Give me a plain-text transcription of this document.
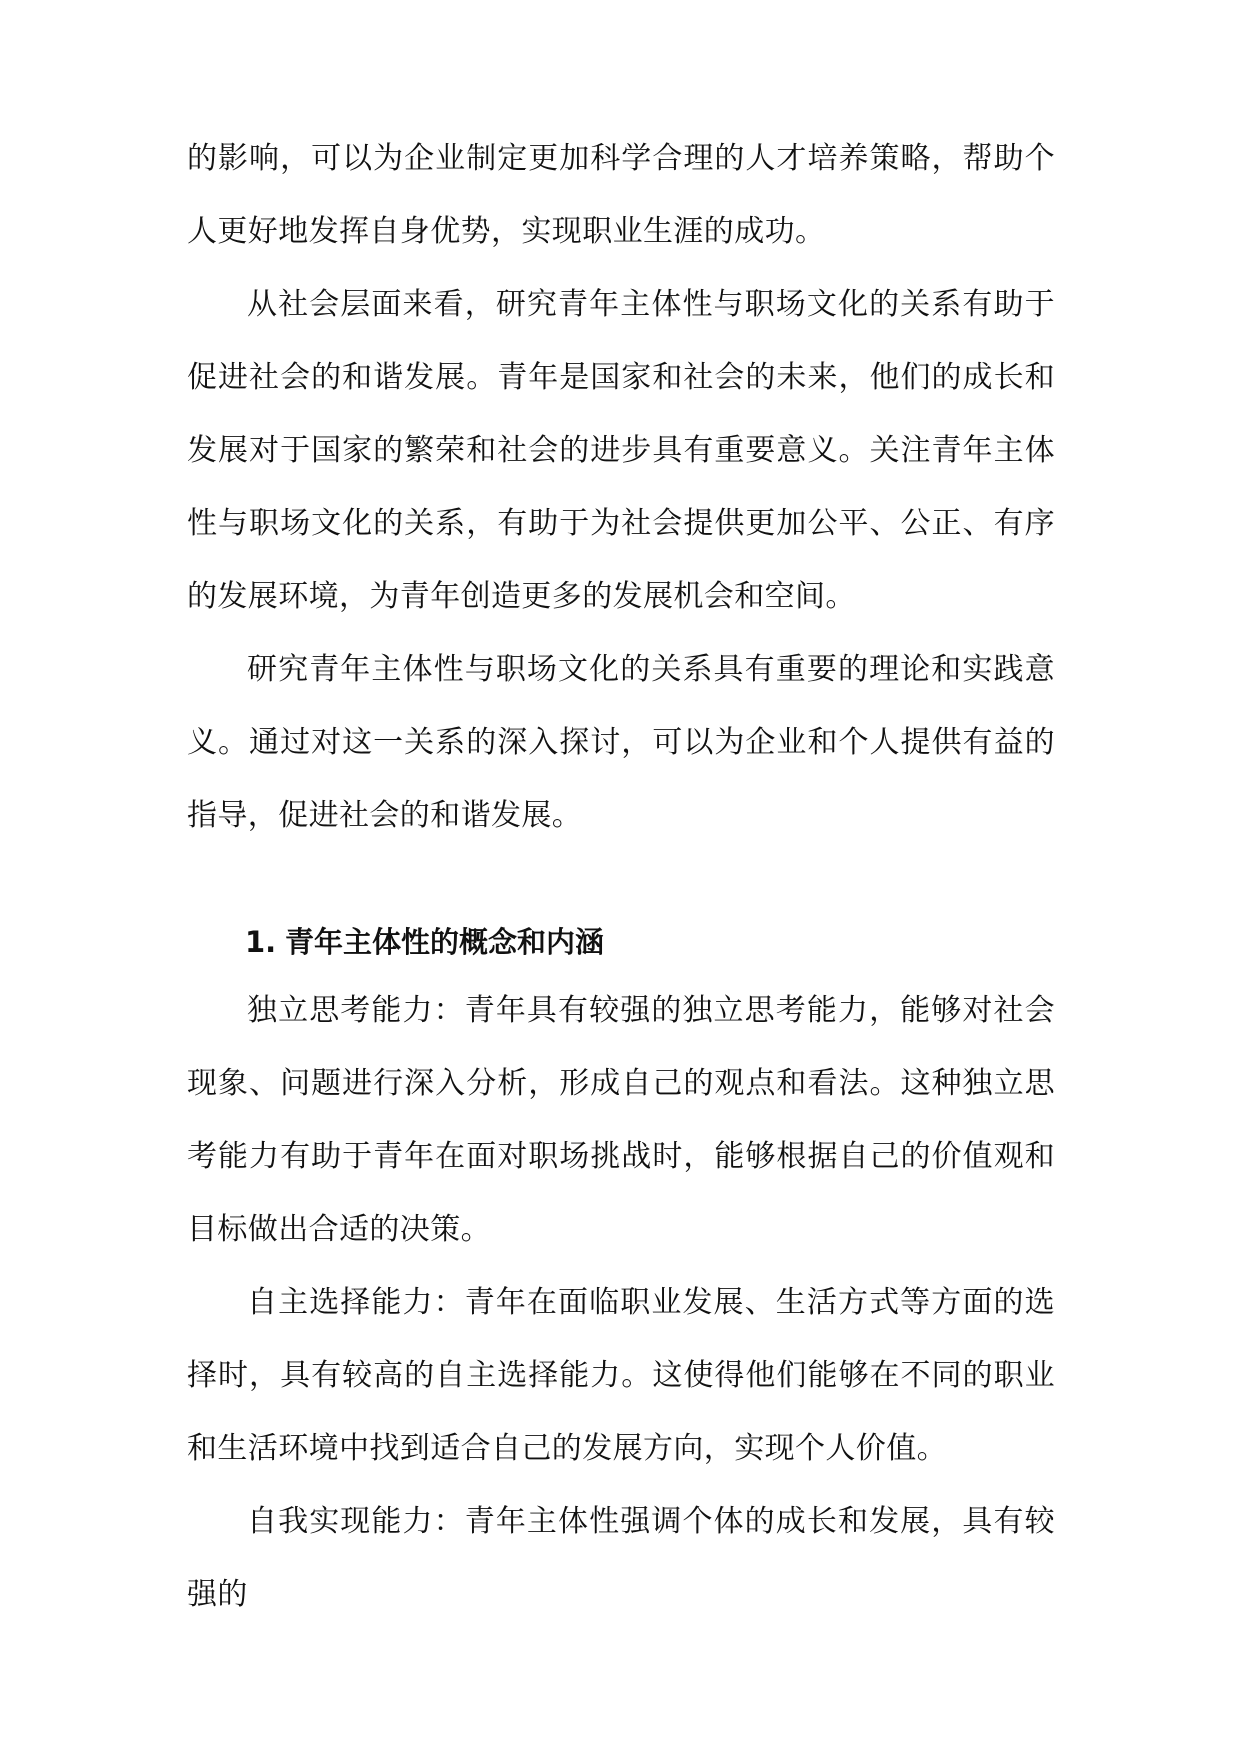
的影响，可以为企业制定更加科学合理的人才培养策略，帮助个人更好地发挥自身优势，实现职业生涯的成功。

从社会层面来看，研究青年主体性与职场文化的关系有助于促进社会的和谐发展。青年是国家和社会的未来，他们的成长和发展对于国家的繁荣和社会的进步具有重要意义。关注青年主体性与职场文化的关系，有助于为社会提供更加公平、公正、有序的发展环境，为青年创造更多的发展机会和空间。

研究青年主体性与职场文化的关系具有重要的理论和实践意义。通过对这一关系的深入探讨，可以为企业和个人提供有益的指导，促进社会的和谐发展。

1. 青年主体性的概念和内涵

独立思考能力：青年具有较强的独立思考能力，能够对社会现象、问题进行深入分析，形成自己的观点和看法。这种独立思考能力有助于青年在面对职场挑战时，能够根据自己的价值观和目标做出合适的决策。

自主选择能力：青年在面临职业发展、生活方式等方面的选择时，具有较高的自主选择能力。这使得他们能够在不同的职业和生活环境中找到适合自己的发展方向，实现个人价值。

自我实现能力：青年主体性强调个体的成长和发展，具有较强的
